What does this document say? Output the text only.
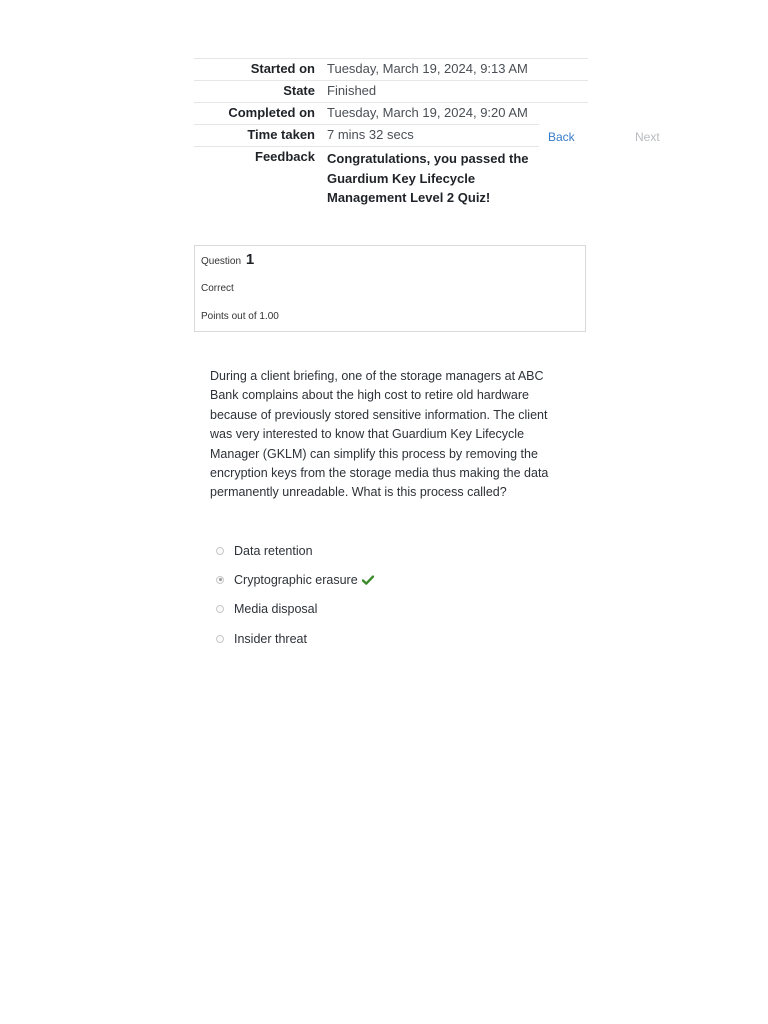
Started on Tuesday, March 19, 2024, 9:13 AM
State Finished
Completed on Tuesday, March 19, 2024, 9:20 AM
Time taken 7 mins 32 secs
Feedback Congratulations, you passed the Guardium Key Lifecycle Management Level 2 Quiz!
Back	Next
Question 1
Correct
Points out of 1.00
During a client briefing, one of the storage managers at ABC Bank complains about the high cost to retire old hardware because of previously stored sensitive information. The client was very interested to know that Guardium Key Lifecycle Manager (GKLM) can simplify this process by removing the encryption keys from the storage media thus making the data permanently unreadable. What is this process called?
Data retention
Cryptographic erasure
Media disposal
Insider threat
